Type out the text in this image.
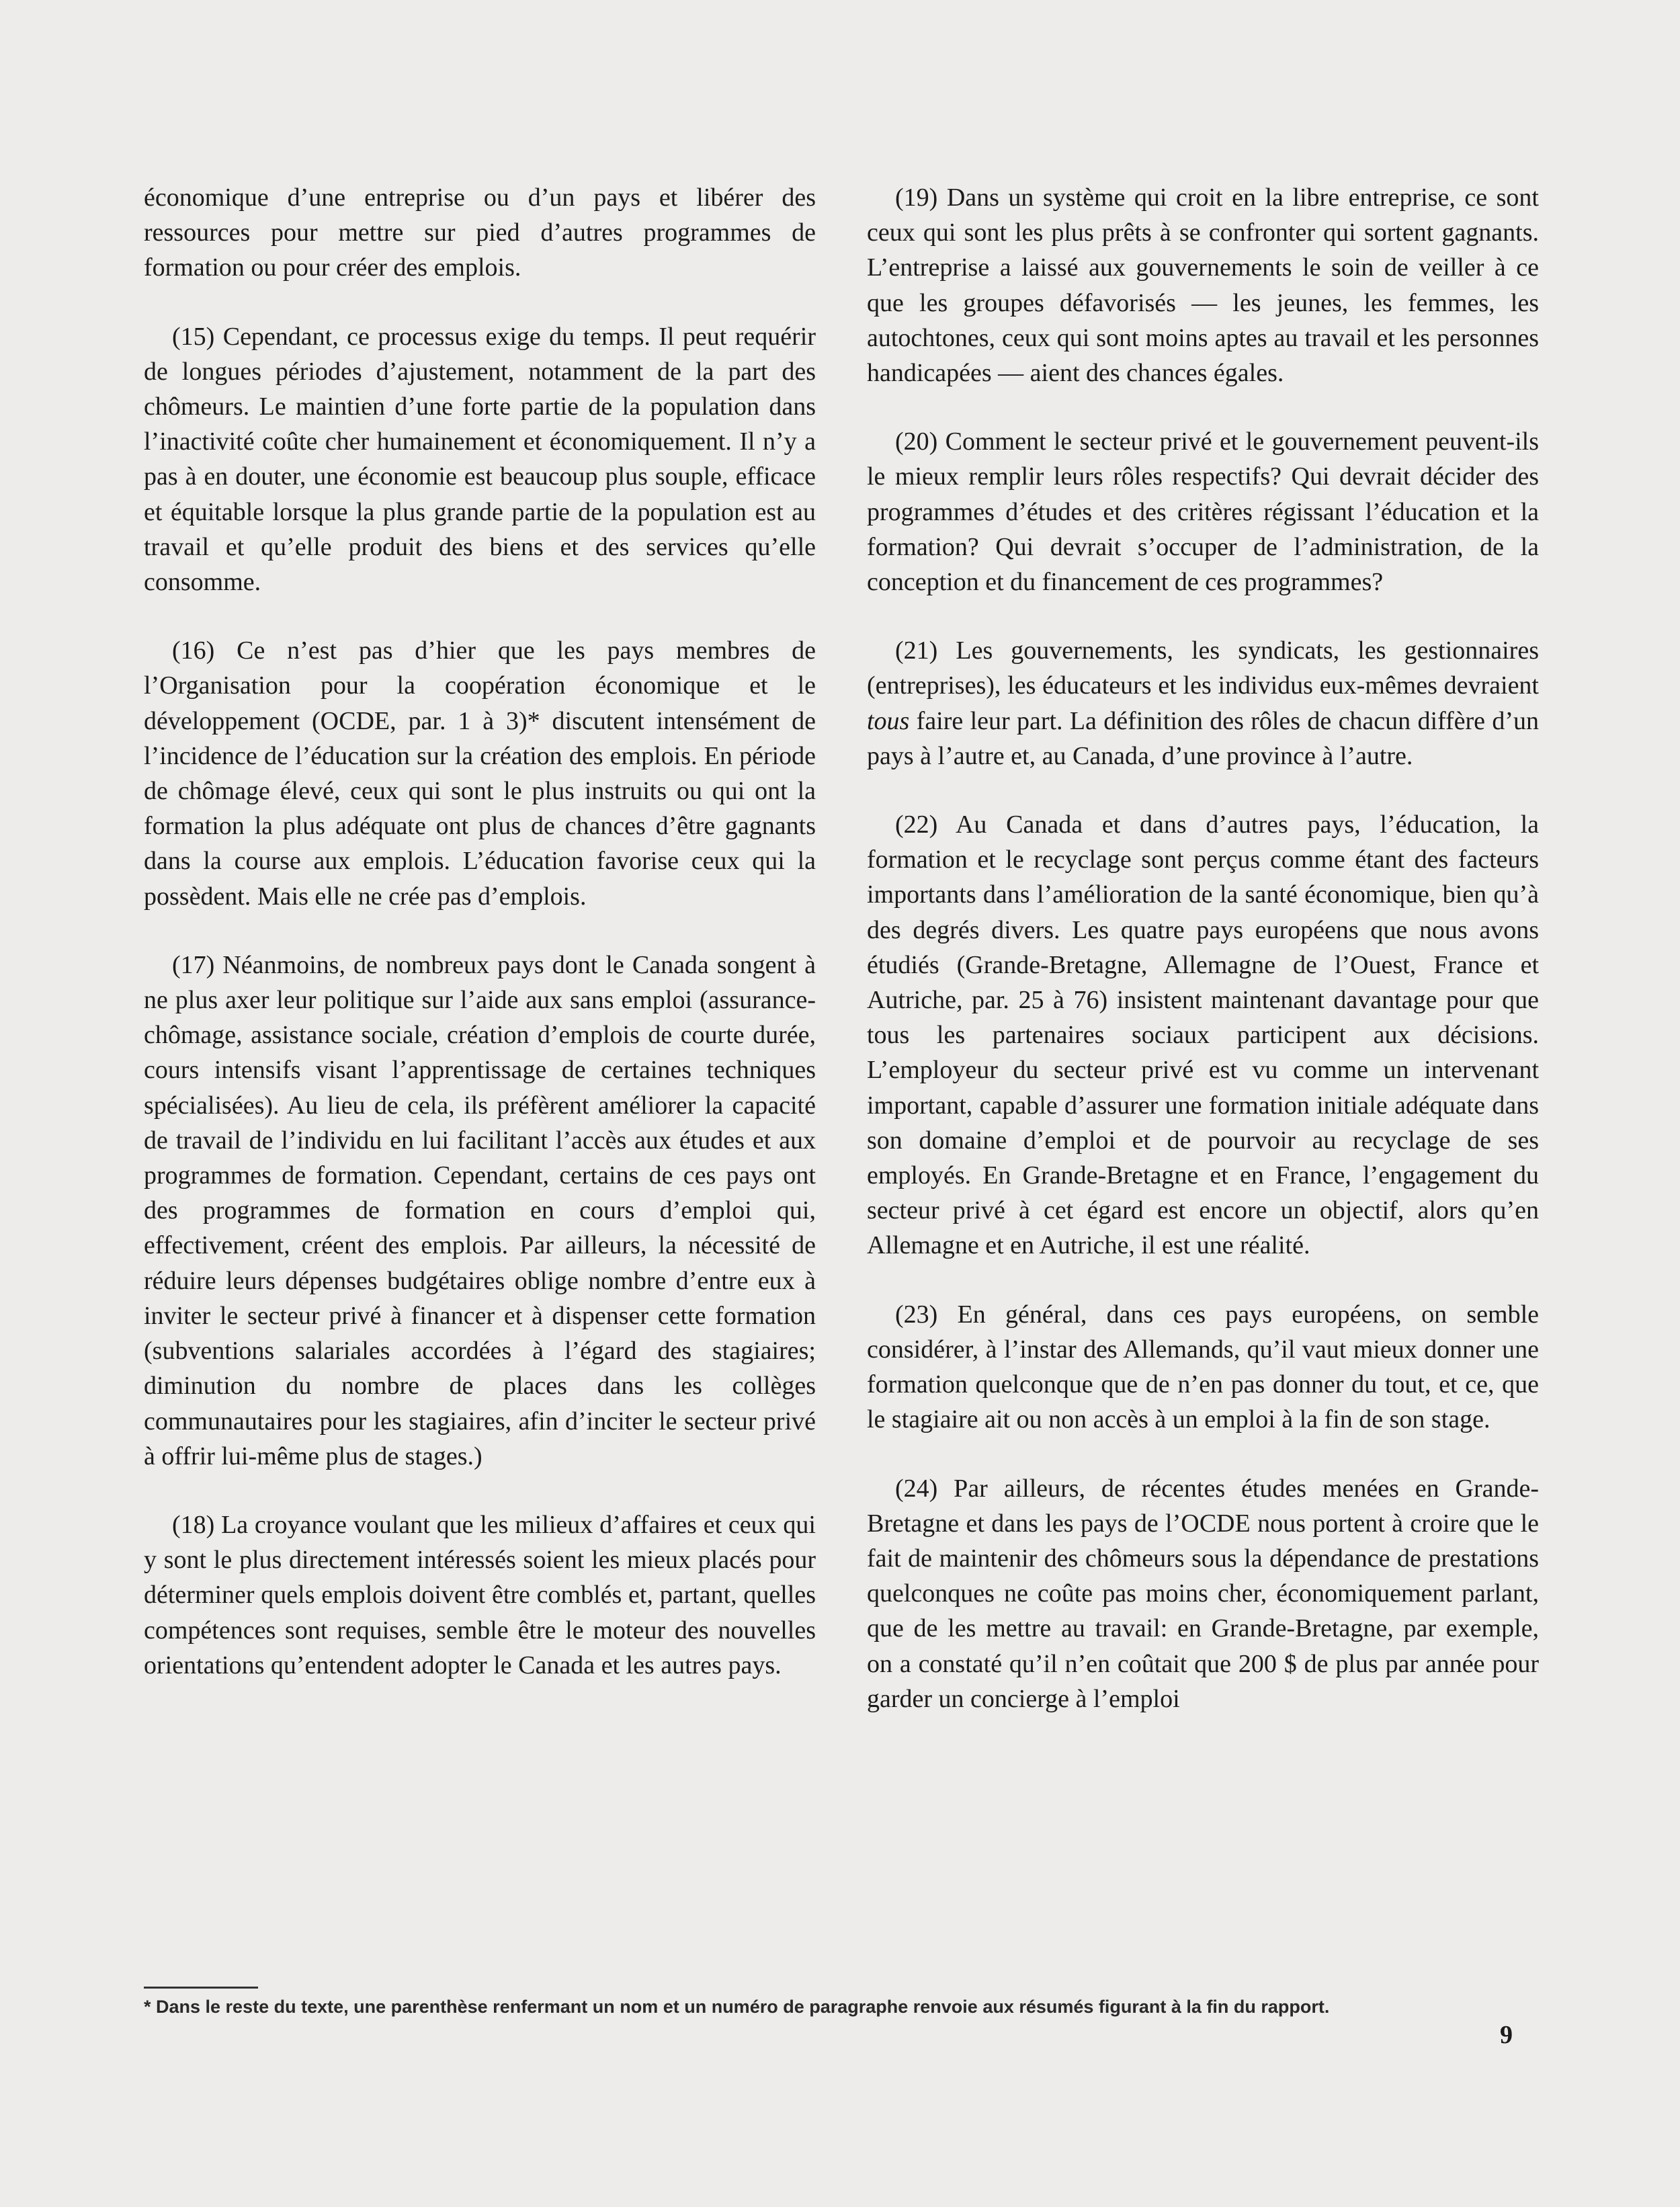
économique d’une entreprise ou d’un pays et libérer des ressources pour mettre sur pied d’autres programmes de formation ou pour créer des emplois.

(15) Cependant, ce processus exige du temps. Il peut requérir de longues périodes d’ajustement, notamment de la part des chômeurs. Le maintien d’une forte partie de la population dans l’inactivité coûte cher humainement et économiquement. Il n’y a pas à en douter, une économie est beaucoup plus souple, efficace et équitable lorsque la plus grande partie de la population est au travail et qu’elle produit des biens et des services qu’elle consomme.

(16) Ce n’est pas d’hier que les pays membres de l’Organisation pour la coopération économique et le développement (OCDE, par. 1 à 3)* discutent intensément de l’incidence de l’éducation sur la création des emplois. En période de chômage élevé, ceux qui sont le plus instruits ou qui ont la formation la plus adéquate ont plus de chances d’être gagnants dans la course aux emplois. L’éducation favorise ceux qui la possèdent. Mais elle ne crée pas d’emplois.

(17) Néanmoins, de nombreux pays dont le Canada songent à ne plus axer leur politique sur l’aide aux sans emploi (assurance-chômage, assistance sociale, création d’emplois de courte durée, cours intensifs visant l’apprentissage de certaines techniques spécialisées). Au lieu de cela, ils préfèrent améliorer la capacité de travail de l’individu en lui facilitant l’accès aux études et aux programmes de formation. Cependant, certains de ces pays ont des programmes de formation en cours d’emploi qui, effectivement, créent des emplois. Par ailleurs, la nécessité de réduire leurs dépenses budgétaires oblige nombre d’entre eux à inviter le secteur privé à financer et à dispenser cette formation (subventions salariales accordées à l’égard des stagiaires; diminution du nombre de places dans les collèges communautaires pour les stagiaires, afin d’inciter le secteur privé à offrir lui-même plus de stages.)

(18) La croyance voulant que les milieux d’affaires et ceux qui y sont le plus directement intéressés soient les mieux placés pour déterminer quels emplois doivent être comblés et, partant, quelles compétences sont requises, semble être le moteur des nouvelles orientations qu’entendent adopter le Canada et les autres pays.

(19) Dans un système qui croit en la libre entreprise, ce sont ceux qui sont les plus prêts à se confronter qui sortent gagnants. L’entreprise a laissé aux gouvernements le soin de veiller à ce que les groupes défavorisés — les jeunes, les femmes, les autochtones, ceux qui sont moins aptes au travail et les personnes handicapées — aient des chances égales.

(20) Comment le secteur privé et le gouvernement peuvent-ils le mieux remplir leurs rôles respectifs? Qui devrait décider des programmes d’études et des critères régissant l’éducation et la formation? Qui devrait s’occuper de l’administration, de la conception et du financement de ces programmes?

(21) Les gouvernements, les syndicats, les gestionnaires (entreprises), les éducateurs et les individus eux-mêmes devraient tous faire leur part. La définition des rôles de chacun diffère d’un pays à l’autre et, au Canada, d’une province à l’autre.

(22) Au Canada et dans d’autres pays, l’éducation, la formation et le recyclage sont perçus comme étant des facteurs importants dans l’amélioration de la santé économique, bien qu’à des degrés divers. Les quatre pays européens que nous avons étudiés (Grande-Bretagne, Allemagne de l’Ouest, France et Autriche, par. 25 à 76) insistent maintenant davantage pour que tous les partenaires sociaux participent aux décisions. L’employeur du secteur privé est vu comme un intervenant important, capable d’assurer une formation initiale adéquate dans son domaine d’emploi et de pourvoir au recyclage de ses employés. En Grande-Bretagne et en France, l’engagement du secteur privé à cet égard est encore un objectif, alors qu’en Allemagne et en Autriche, il est une réalité.

(23) En général, dans ces pays européens, on semble considérer, à l’instar des Allemands, qu’il vaut mieux donner une formation quelconque que de n’en pas donner du tout, et ce, que le stagiaire ait ou non accès à un emploi à la fin de son stage.

(24) Par ailleurs, de récentes études menées en Grande-Bretagne et dans les pays de l’OCDE nous portent à croire que le fait de maintenir des chômeurs sous la dépendance de prestations quelconques ne coûte pas moins cher, économiquement parlant, que de les mettre au travail: en Grande-Bretagne, par exemple, on a constaté qu’il n’en coûtait que 200 $ de plus par année pour garder un concierge à l’emploi

* Dans le reste du texte, une parenthèse renfermant un nom et un numéro de paragraphe renvoie aux résumés figurant à la fin du rapport.
9
